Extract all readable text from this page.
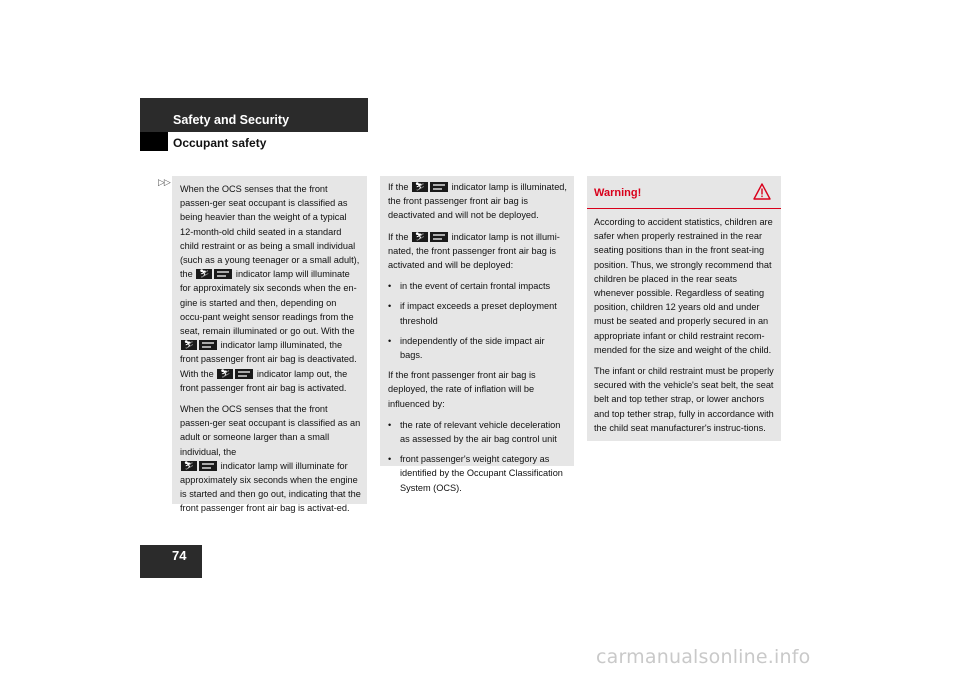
Safety and Security
Occupant safety
▷▷

When the OCS senses that the front passen-ger seat occupant is classified as being heavier than the weight of a typical 12-month-old child seated in a standard child restraint or as being a small individual (such as a young teenager or a small adult), the ⛷	indicator lamp will illuminate for approximately six seconds when the en-gine is started and then, depending on occu-pant weight sensor readings from the seat, remain illuminated or go out. With the

⛷	indicator lamp illuminated, the front passenger front air bag is deactivated. With the ⛷	indicator lamp out, the front passenger front air bag is activated.

When the OCS senses that the front passen-ger seat occupant is classified as an adult or someone larger than a small individual, the

⛷	indicator lamp will illuminate for approximately six seconds when the engine is started and then go out, indicating that the front passenger front air bag is activat-ed.

If the ⛷	indicator lamp is illuminated, the front passenger front air bag is deactivated and will not be deployed.

If the ⛷	indicator lamp is not illumi-nated, the front passenger front air bag is activated and will be deployed:

• in the event of certain frontal impacts
• if impact exceeds a preset deployment threshold
• independently of the side impact air bags.

If the front passenger front air bag is deployed, the rate of inflation will be influenced by:

• the rate of relevant vehicle deceleration as assessed by the air bag control unit
• front passenger's weight category as identified by the Occupant Classification System (OCS).
Warning!

According to accident statistics, children are safer when properly restrained in the rear seating positions than in the front seat-ing position. Thus, we strongly recommend that children be placed in the rear seats whenever possible. Regardless of seating position, children 12 years old and under must be seated and properly secured in an appropriate infant or child restraint recom-mended for the size and weight of the child.

The infant or child restraint must be properly secured with the vehicle's seat belt, the seat belt and top tether strap, or lower anchors and top tether strap, fully in accordance with the child seat manufacturer's instruc-tions.

74
carmanualsonline.info
